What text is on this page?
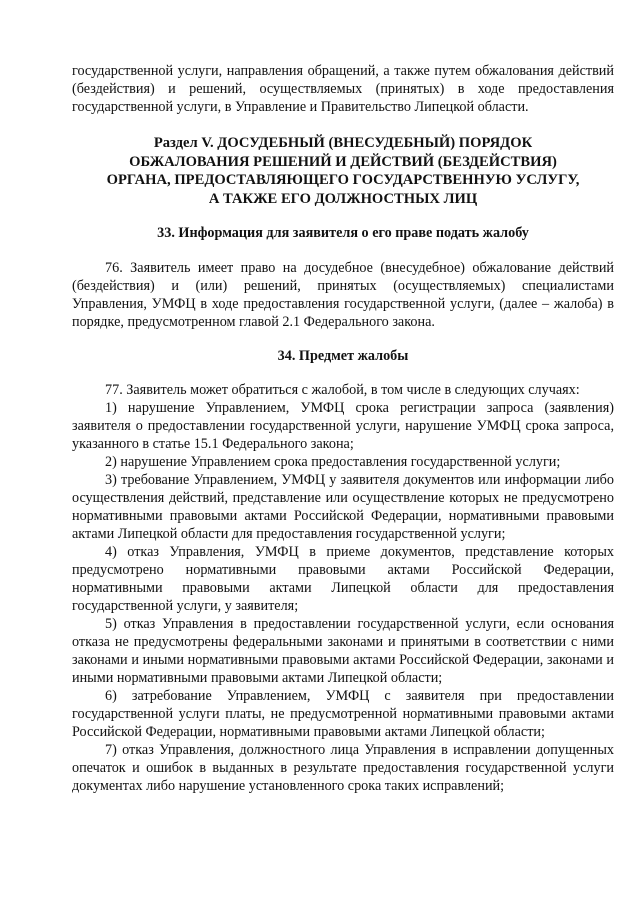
государственной услуги, направления обращений, а также путем обжалования действий (бездействия) и решений, осуществляемых (принятых) в ходе предоставления государственной услуги, в Управление и Правительство Липецкой области.

Раздел V. ДОСУДЕБНЫЙ (ВНЕСУДЕБНЫЙ) ПОРЯДОК
ОБЖАЛОВАНИЯ РЕШЕНИЙ И ДЕЙСТВИЙ (БЕЗДЕЙСТВИЯ)
ОРГАНА, ПРЕДОСТАВЛЯЮЩЕГО ГОСУДАРСТВЕННУЮ УСЛУГУ,
А ТАКЖЕ ЕГО ДОЛЖНОСТНЫХ ЛИЦ

33. Информация для заявителя о его праве подать жалобу

76. Заявитель имеет право на досудебное (внесудебное) обжалование действий (бездействия) и (или) решений, принятых (осуществляемых) специалистами Управления, УМФЦ в ходе предоставления государственной услуги, (далее – жалоба) в порядке, предусмотренном главой 2.1 Федерального закона.

34. Предмет жалобы

77. Заявитель может обратиться с жалобой, в том числе в следующих случаях:

1) нарушение Управлением, УМФЦ срока регистрации запроса (заявления) заявителя о предоставлении государственной услуги, нарушение УМФЦ срока запроса, указанного в статье 15.1 Федерального закона;

2) нарушение Управлением срока предоставления государственной услуги;

3) требование Управлением, УМФЦ у заявителя документов или информации либо осуществления действий, представление или осуществление которых не предусмотрено нормативными правовыми актами Российской Федерации, нормативными правовыми актами Липецкой области для предоставления государственной услуги;

4) отказ Управления, УМФЦ в приеме документов, представление которых предусмотрено нормативными правовыми актами Российской Федерации, нормативными правовыми актами Липецкой области для предоставления государственной услуги, у заявителя;

5) отказ Управления в предоставлении государственной услуги, если основания отказа не предусмотрены федеральными законами и принятыми в соответствии с ними законами и иными нормативными правовыми актами Российской Федерации, законами и иными нормативными правовыми актами Липецкой области;

6) затребование Управлением, УМФЦ с заявителя при предоставлении государственной услуги платы, не предусмотренной нормативными правовыми актами Российской Федерации, нормативными правовыми актами Липецкой области;

7) отказ Управления, должностного лица Управления в исправлении допущенных опечаток и ошибок в выданных в результате предоставления государственной услуги документах либо нарушение установленного срока таких исправлений;
